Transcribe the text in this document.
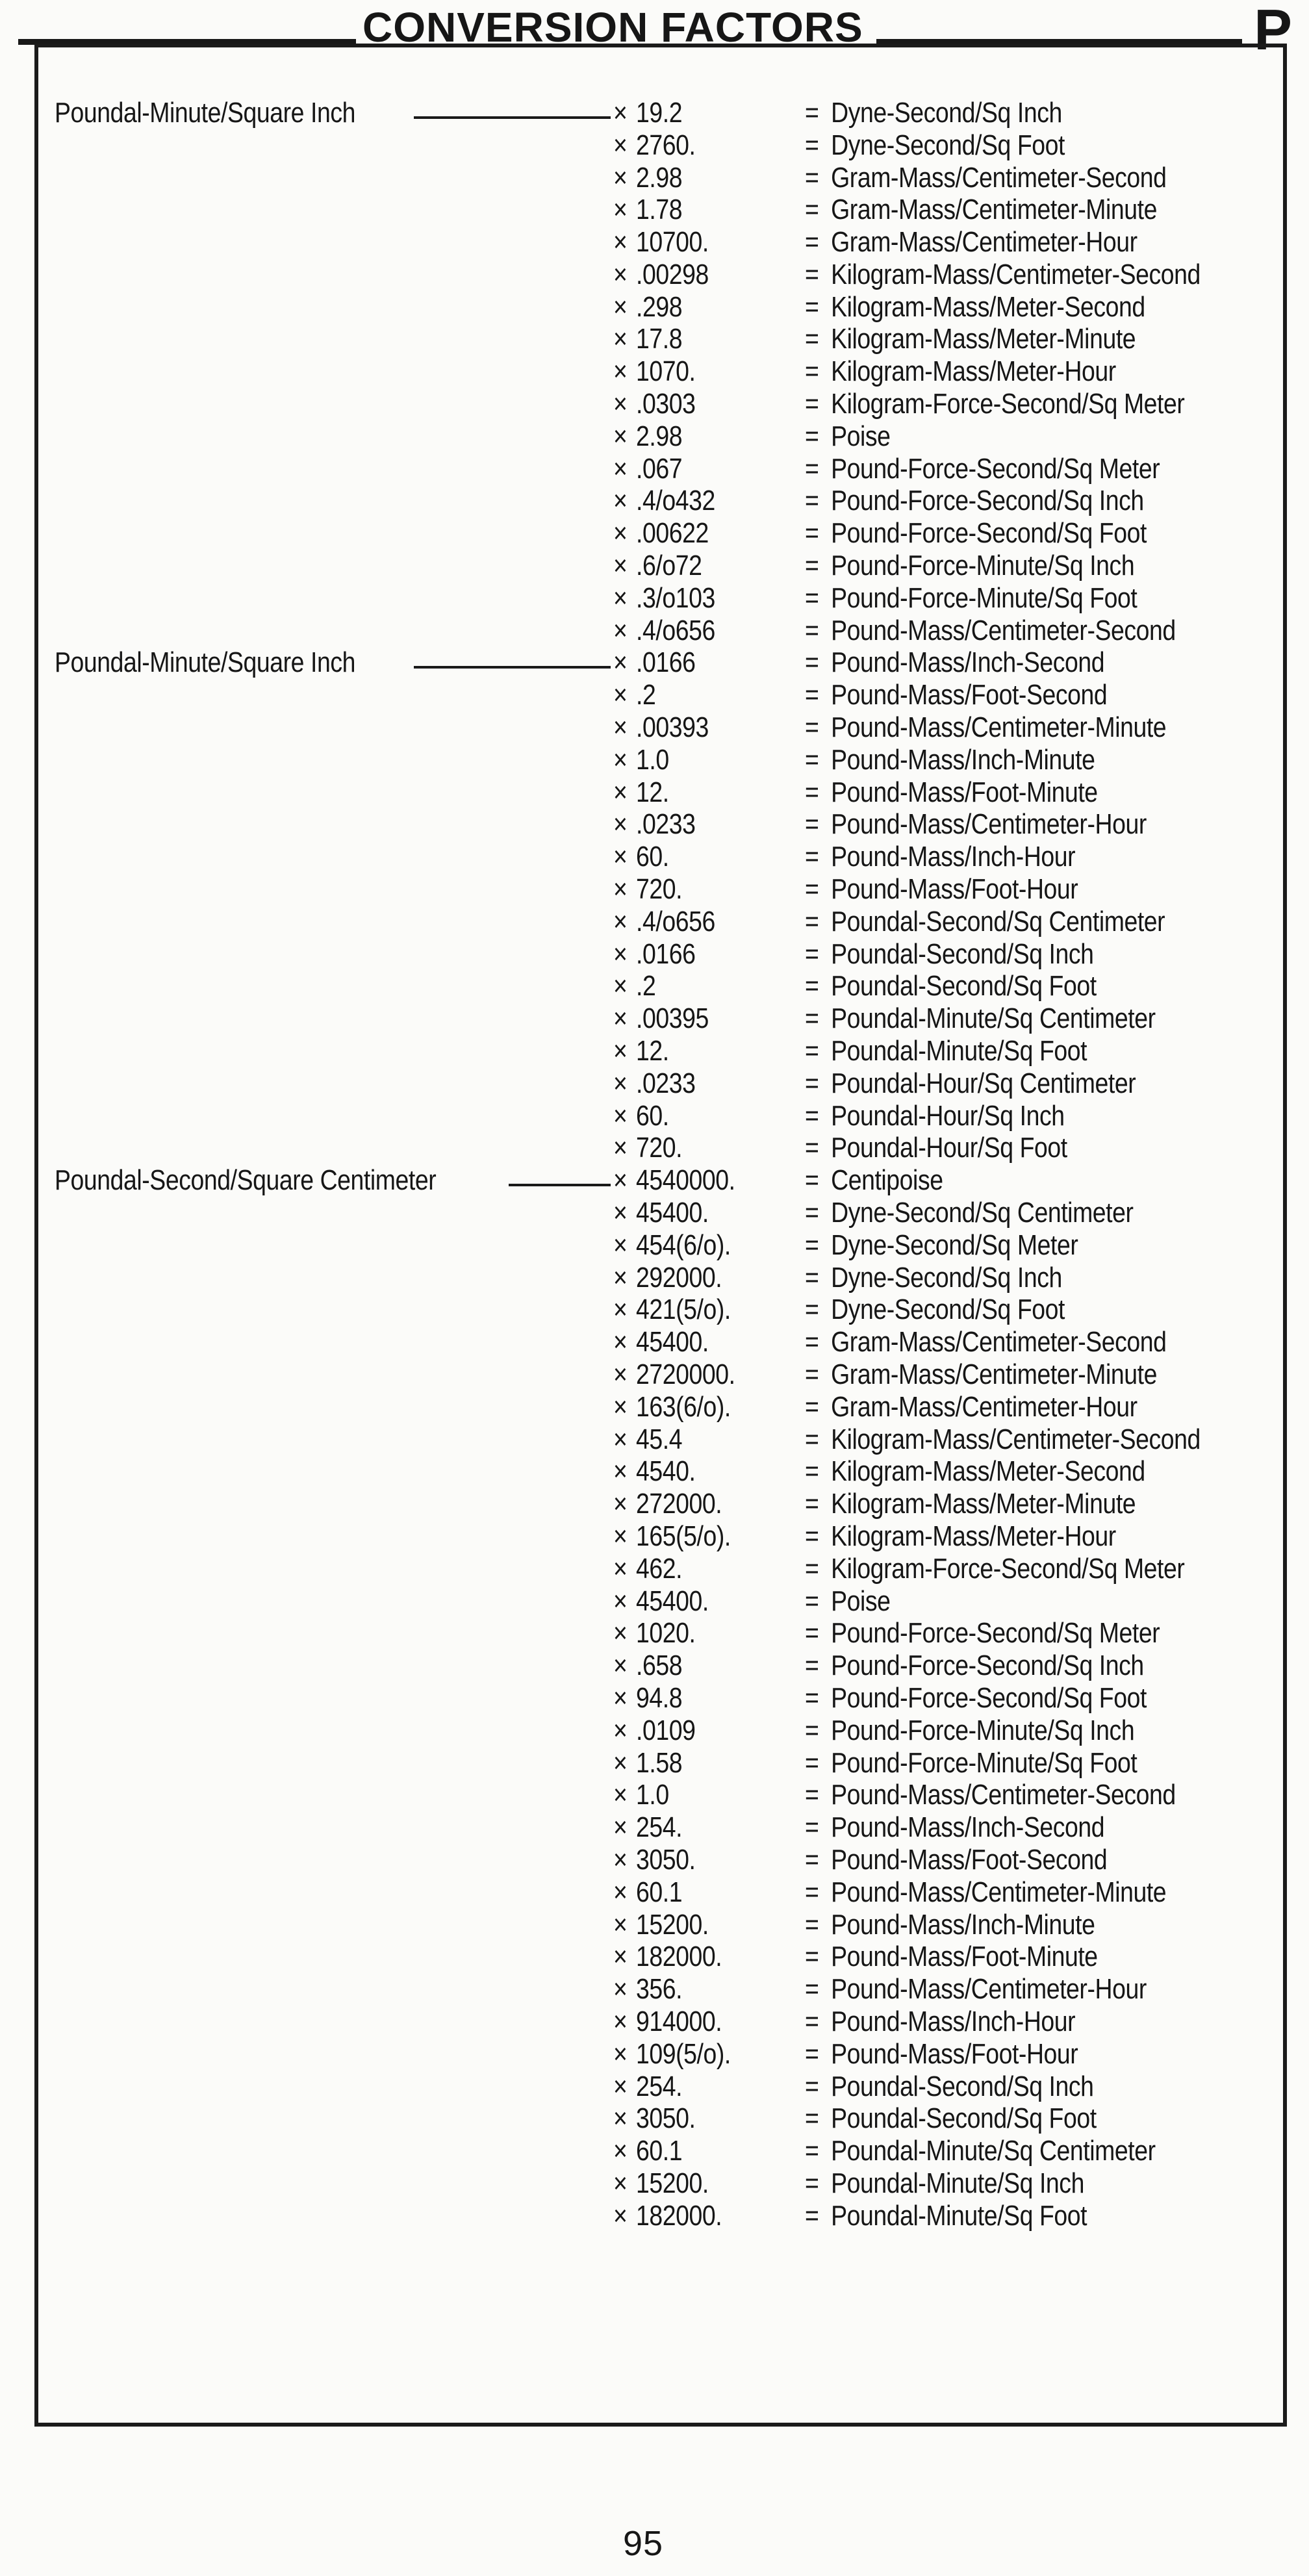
CONVERSION FACTORS	P
Poundal-Minute/Square Inch	× 19.2	= Dyne-Second/Sq Inch
× 2760.	= Dyne-Second/Sq Foot
× 2.98	= Gram-Mass/Centimeter-Second
× 1.78	= Gram-Mass/Centimeter-Minute
× 10700.	= Gram-Mass/Centimeter-Hour
× .00298	= Kilogram-Mass/Centimeter-Second
× .298	= Kilogram-Mass/Meter-Second
× 17.8	= Kilogram-Mass/Meter-Minute
× 1070.	= Kilogram-Mass/Meter-Hour
× .0303	= Kilogram-Force-Second/Sq Meter
× 2.98	= Poise
× .067	= Pound-Force-Second/Sq Meter
× .4/o432	= Pound-Force-Second/Sq Inch
× .00622	= Pound-Force-Second/Sq Foot
× .6/o72	= Pound-Force-Minute/Sq Inch
× .3/o103	= Pound-Force-Minute/Sq Foot
× .4/o656	= Pound-Mass/Centimeter-Second
Poundal-Minute/Square Inch	× .0166	= Pound-Mass/Inch-Second
× .2	= Pound-Mass/Foot-Second
× .00393	= Pound-Mass/Centimeter-Minute
× 1.0	= Pound-Mass/Inch-Minute
× 12.	= Pound-Mass/Foot-Minute
× .0233	= Pound-Mass/Centimeter-Hour
× 60.	= Pound-Mass/Inch-Hour
× 720.	= Pound-Mass/Foot-Hour
× .4/o656	= Poundal-Second/Sq Centimeter
× .0166	= Poundal-Second/Sq Inch
× .2	= Poundal-Second/Sq Foot
× .00395	= Poundal-Minute/Sq Centimeter
× 12.	= Poundal-Minute/Sq Foot
× .0233	= Poundal-Hour/Sq Centimeter
× 60.	= Poundal-Hour/Sq Inch
× 720.	= Poundal-Hour/Sq Foot
Poundal-Second/Square Centimeter	× 4540000.	= Centipoise
× 45400.	= Dyne-Second/Sq Centimeter
× 454(6/o).	= Dyne-Second/Sq Meter
× 292000.	= Dyne-Second/Sq Inch
× 421(5/o).	= Dyne-Second/Sq Foot
× 45400.	= Gram-Mass/Centimeter-Second
× 2720000.	= Gram-Mass/Centimeter-Minute
× 163(6/o).	= Gram-Mass/Centimeter-Hour
× 45.4	= Kilogram-Mass/Centimeter-Second
× 4540.	= Kilogram-Mass/Meter-Second
× 272000.	= Kilogram-Mass/Meter-Minute
× 165(5/o).	= Kilogram-Mass/Meter-Hour
× 462.	= Kilogram-Force-Second/Sq Meter
× 45400.	= Poise
× 1020.	= Pound-Force-Second/Sq Meter
× .658	= Pound-Force-Second/Sq Inch
× 94.8	= Pound-Force-Second/Sq Foot
× .0109	= Pound-Force-Minute/Sq Inch
× 1.58	= Pound-Force-Minute/Sq Foot
× 1.0	= Pound-Mass/Centimeter-Second
× 254.	= Pound-Mass/Inch-Second
× 3050.	= Pound-Mass/Foot-Second
× 60.1	= Pound-Mass/Centimeter-Minute
× 15200.	= Pound-Mass/Inch-Minute
× 182000.	= Pound-Mass/Foot-Minute
× 356.	= Pound-Mass/Centimeter-Hour
× 914000.	= Pound-Mass/Inch-Hour
× 109(5/o).	= Pound-Mass/Foot-Hour
× 254.	= Poundal-Second/Sq Inch
× 3050.	= Poundal-Second/Sq Foot
× 60.1	= Poundal-Minute/Sq Centimeter
× 15200.	= Poundal-Minute/Sq Inch
× 182000.	= Poundal-Minute/Sq Foot
95
